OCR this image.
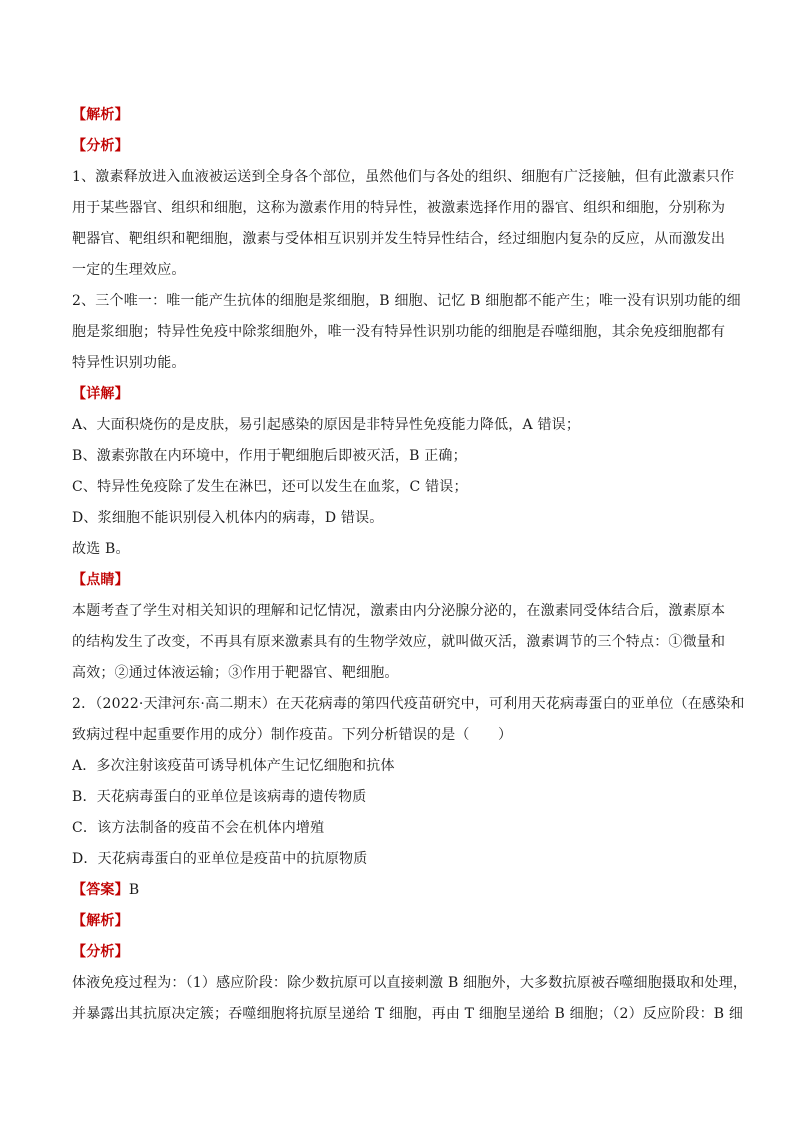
【解析】
【分析】
1、激素释放进入血液被运送到全身各个部位，虽然他们与各处的组织、细胞有广泛接触，但有此激素只作
用于某些器官、组织和细胞，这称为激素作用的特异性，被激素选择作用的器官、组织和细胞，分别称为
靶器官、靶组织和靶细胞，激素与受体相互识别并发生特异性结合，经过细胞内复杂的反应，从而激发出
一定的生理效应。
2、三个唯一：唯一能产生抗体的细胞是浆细胞，B 细胞、记忆 B 细胞都不能产生；唯一没有识别功能的细
胞是浆细胞；特异性免疫中除浆细胞外，唯一没有特异性识别功能的细胞是吞噬细胞，其余免疫细胞都有
特异性识别功能。
【详解】
A、大面积烧伤的是皮肤，易引起感染的原因是非特异性免疫能力降低，A 错误；
B、激素弥散在内环境中，作用于靶细胞后即被灭活，B 正确；
C、特异性免疫除了发生在淋巴，还可以发生在血浆，C 错误；
D、浆细胞不能识别侵入机体内的病毒，D 错误。
故选 B。
【点睛】
本题考查了学生对相关知识的理解和记忆情况，激素由内分泌腺分泌的，在激素同受体结合后，激素原本
的结构发生了改变，不再具有原来激素具有的生物学效应，就叫做灭活，激素调节的三个特点：①微量和
高效；②通过体液运输；③作用于靶器官、靶细胞。
2．（2022·天津河东·高二期末）在天花病毒的第四代疫苗研究中，可利用天花病毒蛋白的亚单位（在感染和
致病过程中起重要作用的成分）制作疫苗。下列分析错误的是（　　）
A．多次注射该疫苗可诱导机体产生记忆细胞和抗体
B．天花病毒蛋白的亚单位是该病毒的遗传物质
C．该方法制备的疫苗不会在机体内增殖
D．天花病毒蛋白的亚单位是疫苗中的抗原物质
【答案】B
【解析】
【分析】
体液免疫过程为：（1）感应阶段：除少数抗原可以直接刺激 B 细胞外，大多数抗原被吞噬细胞摄取和处理，
并暴露出其抗原决定簇；吞噬细胞将抗原呈递给 T 细胞，再由 T 细胞呈递给 B 细胞；（2）反应阶段：B 细
